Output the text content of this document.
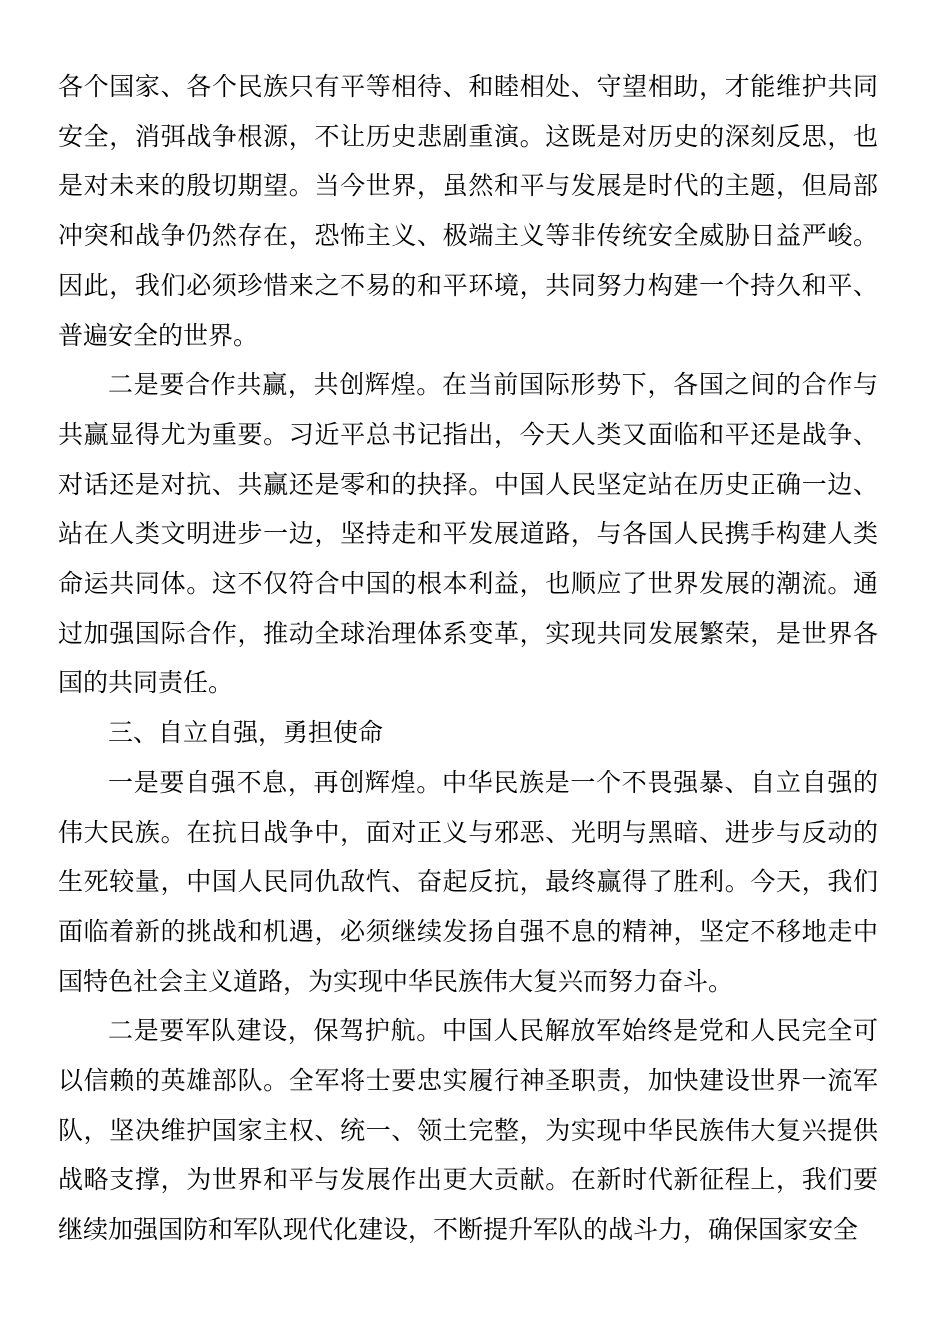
各个国家、各个民族只有平等相待、和睦相处、守望相助，才能维护共同安全，消弭战争根源，不让历史悲剧重演。这既是对历史的深刻反思，也是对未来的殷切期望。当今世界，虽然和平与发展是时代的主题，但局部冲突和战争仍然存在，恐怖主义、极端主义等非传统安全威胁日益严峻。因此，我们必须珍惜来之不易的和平环境，共同努力构建一个持久和平、普遍安全的世界。

二是要合作共赢，共创辉煌。在当前国际形势下，各国之间的合作与共赢显得尤为重要。习近平总书记指出，今天人类又面临和平还是战争、对话还是对抗、共赢还是零和的抉择。中国人民坚定站在历史正确一边、站在人类文明进步一边，坚持走和平发展道路，与各国人民携手构建人类命运共同体。这不仅符合中国的根本利益，也顺应了世界发展的潮流。通过加强国际合作，推动全球治理体系变革，实现共同发展繁荣，是世界各国的共同责任。

三、自立自强，勇担使命

一是要自强不息，再创辉煌。中华民族是一个不畏强暴、自立自强的伟大民族。在抗日战争中，面对正义与邪恶、光明与黑暗、进步与反动的生死较量，中国人民同仇敌忾、奋起反抗，最终赢得了胜利。今天，我们面临着新的挑战和机遇，必须继续发扬自强不息的精神，坚定不移地走中国特色社会主义道路，为实现中华民族伟大复兴而努力奋斗。

二是要军队建设，保驾护航。中国人民解放军始终是党和人民完全可以信赖的英雄部队。全军将士要忠实履行神圣职责，加快建设世界一流军队，坚决维护国家主权、统一、领土完整，为实现中华民族伟大复兴提供战略支撑，为世界和平与发展作出更大贡献。在新时代新征程上，我们要继续加强国防和军队现代化建设，不断提升军队的战斗力，确保国家安全
